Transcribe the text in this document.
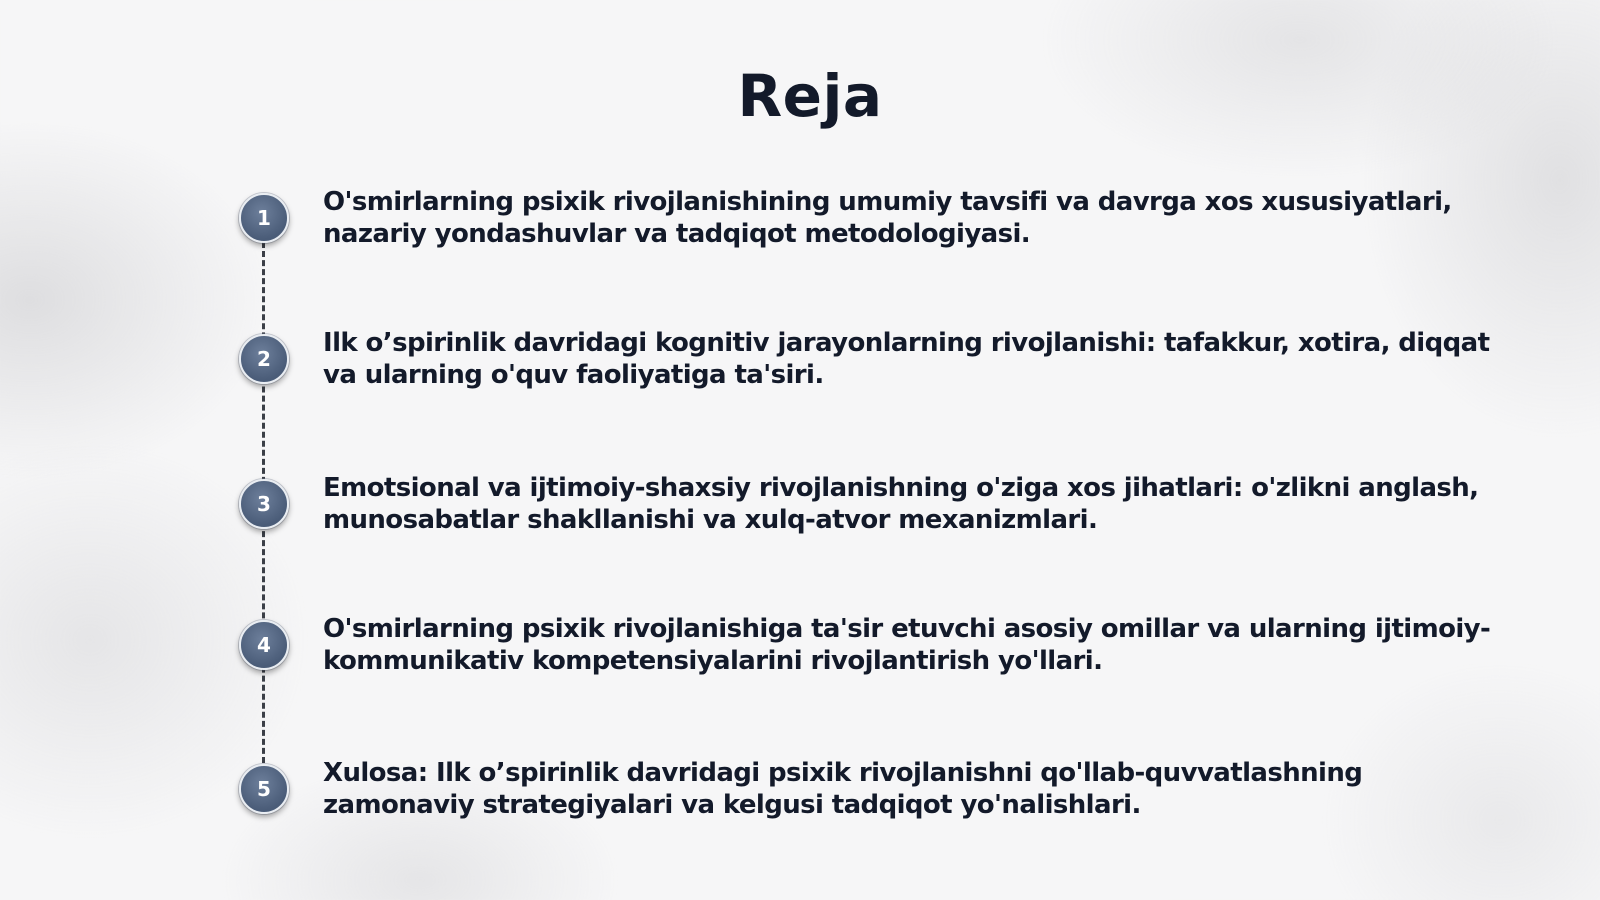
Reja
1
O'smirlarning psixik rivojlanishining umumiy tavsifi va davrga xos xususiyatlari, nazariy yondashuvlar va tadqiqot metodologiyasi.
2
Ilk o’spirinlik davridagi kognitiv jarayonlarning rivojlanishi: tafakkur, xotira, diqqat va ularning o'quv faoliyatiga ta'siri.
3
Emotsional va ijtimoiy-shaxsiy rivojlanishning o'ziga xos jihatlari: o'zlikni anglash, munosabatlar shakllanishi va xulq-atvor mexanizmlari.
4
O'smirlarning psixik rivojlanishiga ta'sir etuvchi asosiy omillar va ularning ijtimoiy-kommunikativ kompetensiyalarini rivojlantirish yo'llari.
5
Xulosa: Ilk o’spirinlik davridagi psixik rivojlanishni qo'llab-quvvatlashning zamonaviy strategiyalari va kelgusi tadqiqot yo'nalishlari.
